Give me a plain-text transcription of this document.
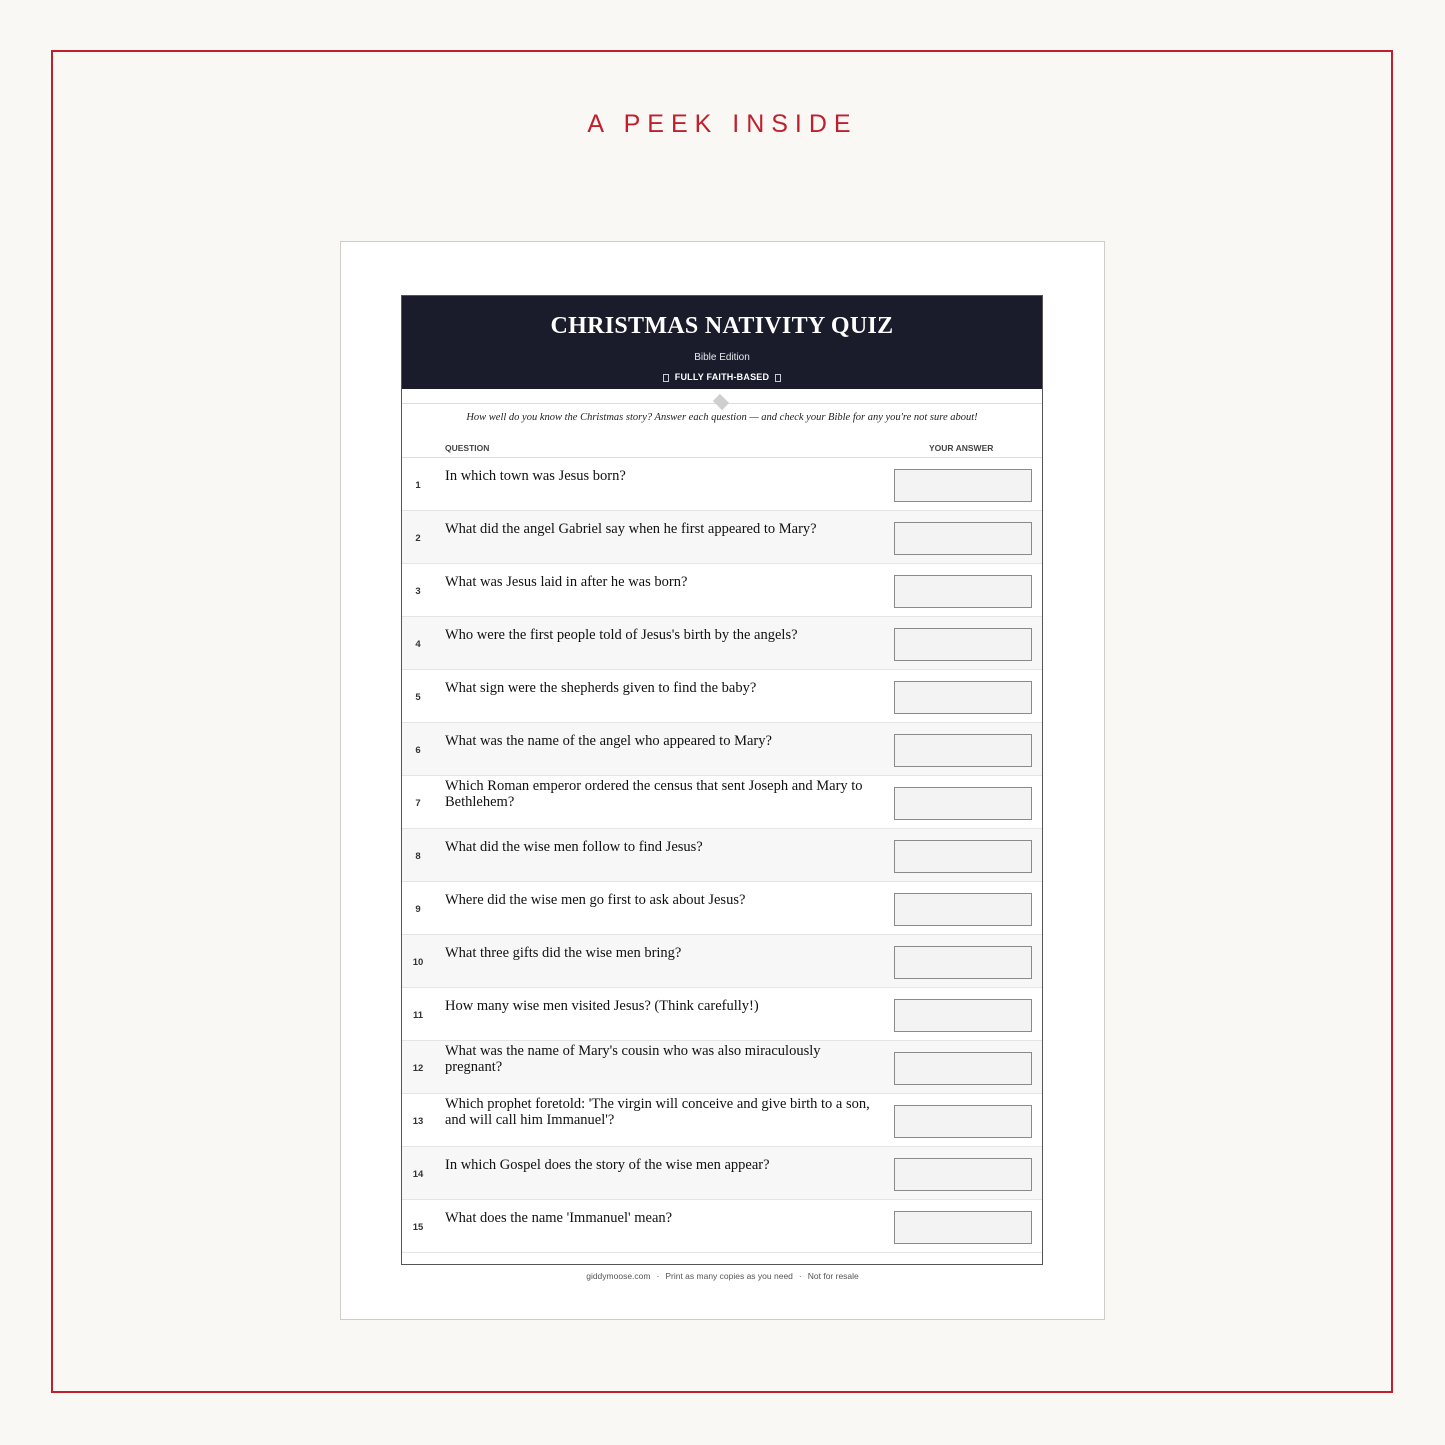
A PEEK INSIDE
CHRISTMAS NATIVITY QUIZ
Bible Edition
FULLY FAITH-BASED
How well do you know the Christmas story? Answer each question — and check your Bible for any you're not sure about!
QUESTION	YOUR ANSWER
1
In which town was Jesus born?
2
What did the angel Gabriel say when he first appeared to Mary?
3
What was Jesus laid in after he was born?
4
Who were the first people told of Jesus's birth by the angels?
5
What sign were the shepherds given to find the baby?
6
What was the name of the angel who appeared to Mary?
7
Which Roman emperor ordered the census that sent Joseph and Mary to Bethlehem?
8
What did the wise men follow to find Jesus?
9
Where did the wise men go first to ask about Jesus?
10
What three gifts did the wise men bring?
11
How many wise men visited Jesus? (Think carefully!)
12
What was the name of Mary's cousin who was also miraculously pregnant?
13
Which prophet foretold: 'The virgin will conceive and give birth to a son, and will call him Immanuel'?
14
In which Gospel does the story of the wise men appear?
15
What does the name 'Immanuel' mean?
giddymoose.com · Print as many copies as you need · Not for resale
